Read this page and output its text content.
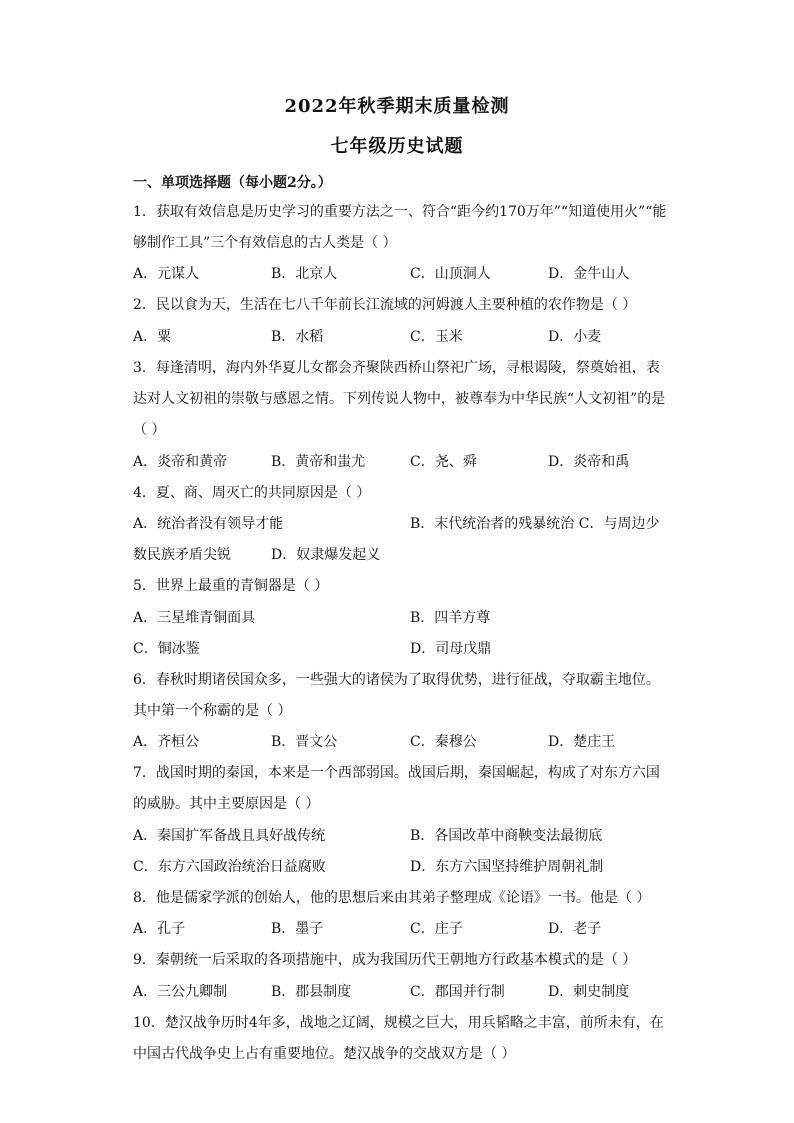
2022年秋季期末质量检测
七年级历史试题
一、单项选择题（每小题2分。）
1．获取有效信息是历史学习的重要方法之一、符合“距今约170万年”“知道使用火”“能
够制作工具”三个有效信息的古人类是（ ）
A．元谋人	B．北京人	C．山顶洞人	D．金牛山人
2．民以食为天，生活在七八千年前长江流域的河姆渡人主要种植的农作物是（ ）
A．粟	B．水稻	C．玉米	D．小麦
3．每逢清明，海内外华夏儿女都会齐聚陕西桥山祭祀广场，寻根谒陵，祭奠始祖，表
达对人文初祖的崇敬与感恩之情。下列传说人物中，被尊奉为中华民族“人文初祖”的是
（ ）
A．炎帝和黄帝	B．黄帝和蚩尤	C．尧、舜	D．炎帝和禹
4．夏、商、周灭亡的共同原因是（ ）
A．统治者没有领导才能	B．末代统治者的残暴统治 C．与周边少
数民族矛盾尖锐	D．奴隶爆发起义
5．世界上最重的青铜器是（ ）
A．三星堆青铜面具	B．四羊方尊
C．铜冰鉴	D．司母戊鼎
6．春秋时期诸侯国众多，一些强大的诸侯为了取得优势，进行征战，夺取霸主地位。
其中第一个称霸的是（ ）
A．齐桓公	B．晋文公	C．秦穆公	D．楚庄王
7．战国时期的秦国，本来是一个西部弱国。战国后期，秦国崛起，构成了对东方六国
的威胁。其中主要原因是（ ）
A．秦国扩军备战且具好战传统	B．各国改革中商鞅变法最彻底
C．东方六国政治统治日益腐败	D．东方六国坚持维护周朝礼制
8．他是儒家学派的创始人，他的思想后来由其弟子整理成《论语》一书。他是（ ）
A．孔子	B．墨子	C．庄子	D．老子
9．秦朝统一后采取的各项措施中，成为我国历代王朝地方行政基本模式的是（ ）
A．三公九卿制	B．郡县制度	C．郡国并行制	D．刺史制度
10．楚汉战争历时4年多，战地之辽阔，规模之巨大，用兵韬略之丰富，前所未有，在
中国古代战争史上占有重要地位。楚汉战争的交战双方是（ ）
